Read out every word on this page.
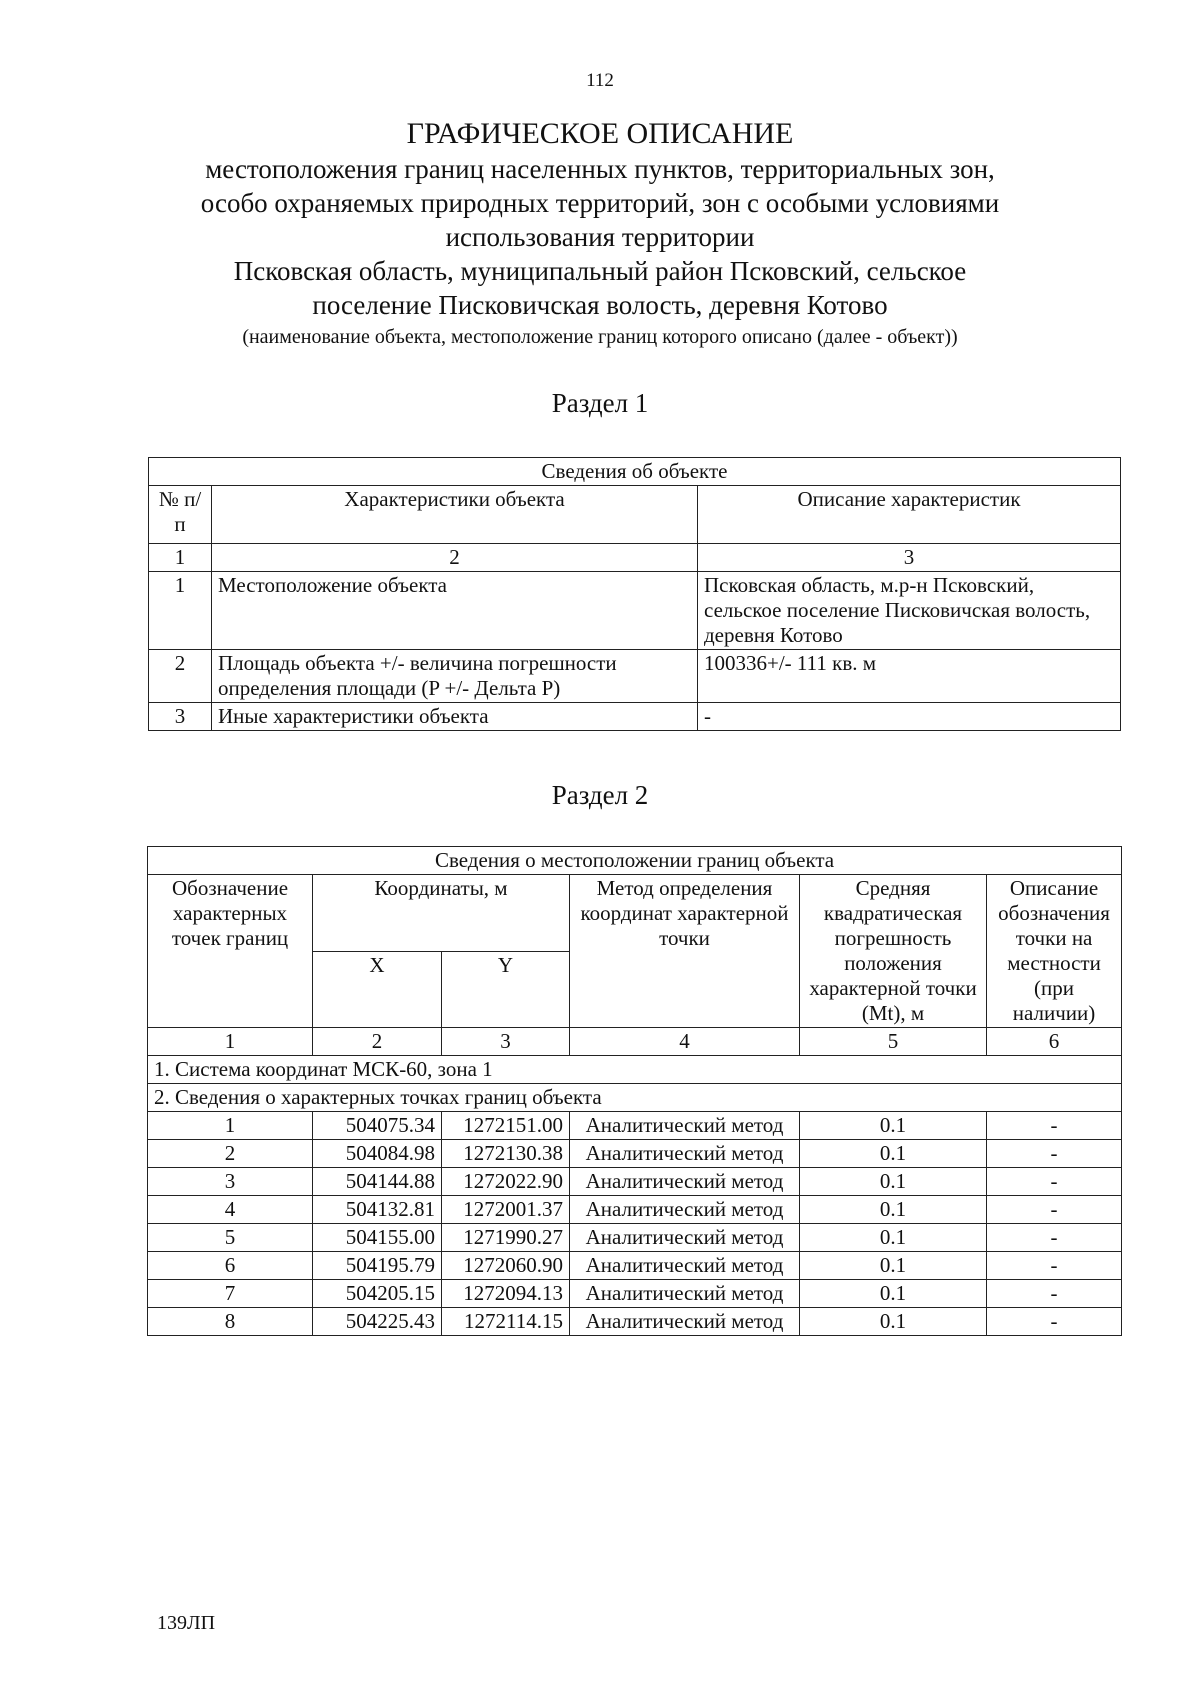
112
ГРАФИЧЕСКОЕ ОПИСАНИЕ
местоположения границ населенных пунктов, территориальных зон,
особо охраняемых природных территорий, зон с особыми условиями
использования территории
Псковская область, муниципальный район Псковский, сельское
поселение Писковичская волость, деревня Котово
(наименование объекта, местоположение границ которого описано (далее - объект))
Раздел 1
Сведения об объекте		
№ п/п	Характеристики объекта	Описание характеристик
1	2	3
1	Местоположение объекта	Псковская область, м.р-н Псковский, сельское поселение Писковичская волость, деревня Котово
2	Площадь объекта +/- величина погрешности определения площади (P +/- Дельта P)	100336+/- 111 кв. м
3	Иные характеристики объекта	-
Раздел 2
Сведения о местоположении границ объекта					
Обозначение характерных точек границ	Координаты, м		Метод определения координат характерной точки	Средняя квадратическая погрешность положения характерной точки (Mt), м	Описание обозначения точки на местности (при наличии)
	X	Y			
1	2	3	4	5	6
1. Система координат МСК-60, зона 1					
2. Сведения о характерных точках границ объекта					
1	504075.34	1272151.00	Аналитический метод	0.1	-
2	504084.98	1272130.38	Аналитический метод	0.1	-
3	504144.88	1272022.90	Аналитический метод	0.1	-
4	504132.81	1272001.37	Аналитический метод	0.1	-
5	504155.00	1271990.27	Аналитический метод	0.1	-
6	504195.79	1272060.90	Аналитический метод	0.1	-
7	504205.15	1272094.13	Аналитический метод	0.1	-
8	504225.43	1272114.15	Аналитический метод	0.1	-
139ЛП
